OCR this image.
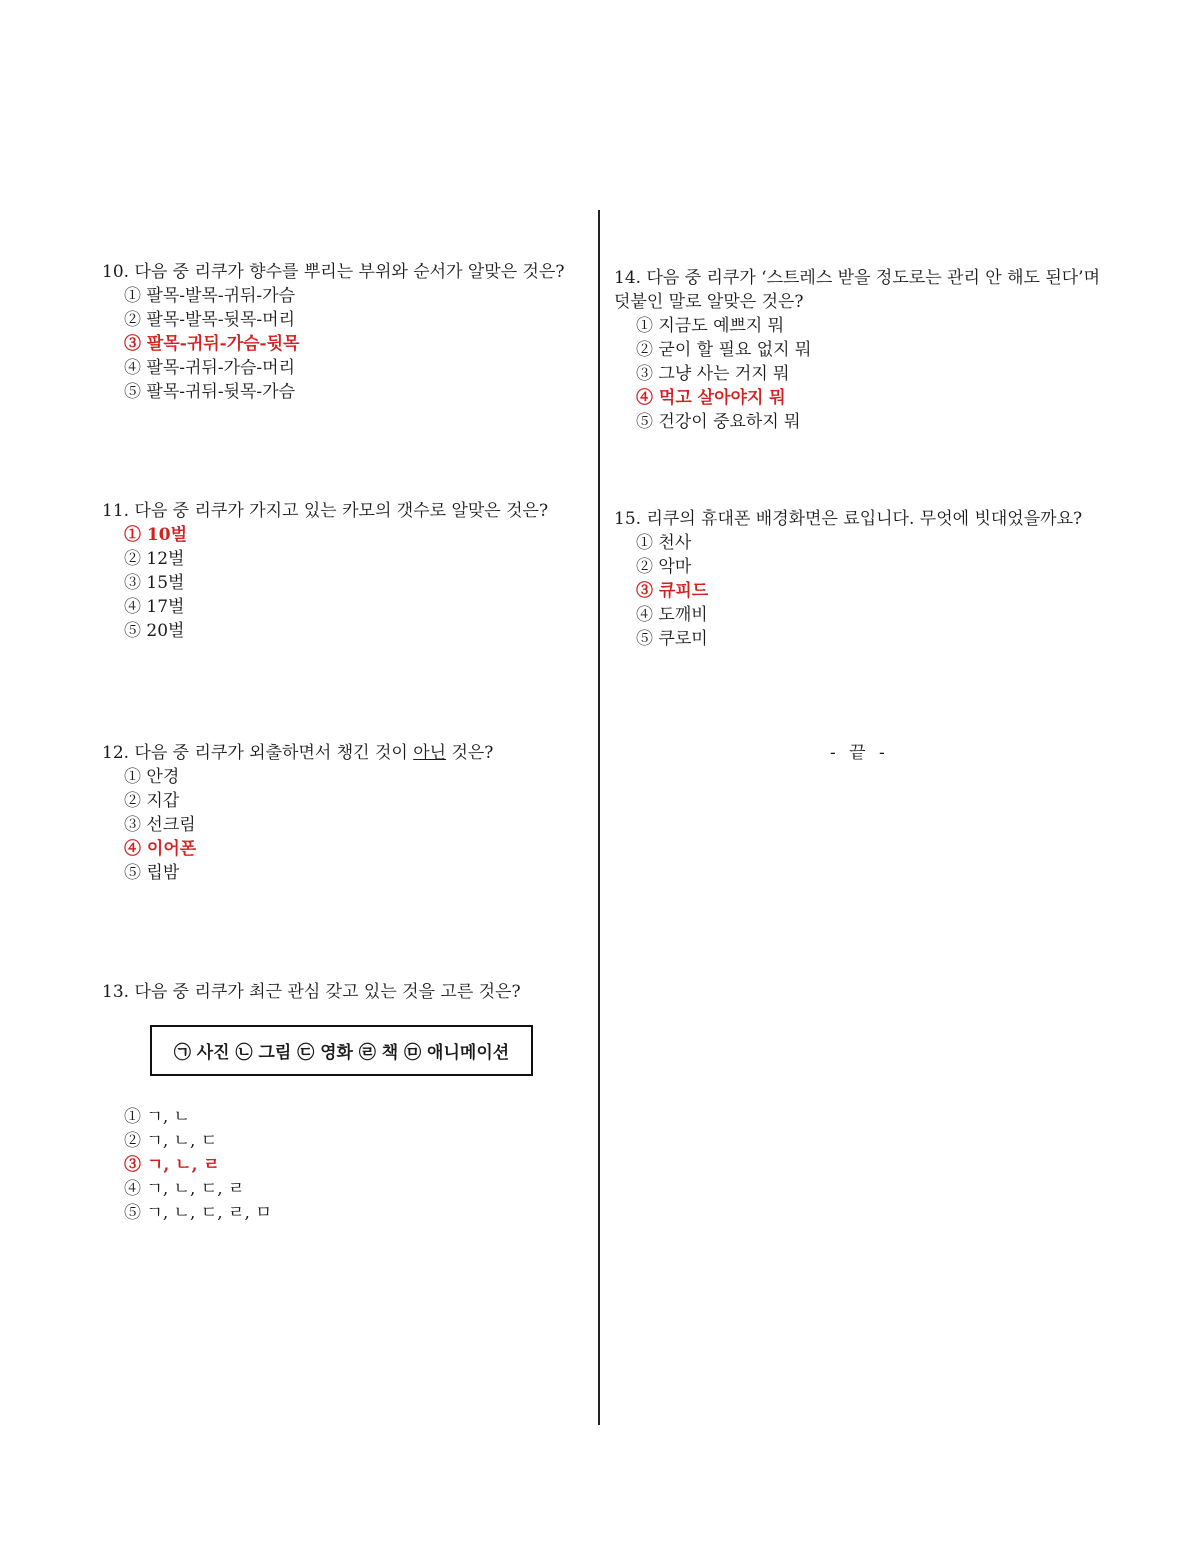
10. 다음 중 리쿠가 향수를 뿌리는 부위와 순서가 알맞은 것은?

① 팔목-발목-귀뒤-가슴
② 팔목-발목-뒷목-머리
③ 팔목-귀뒤-가슴-뒷목
④ 팔목-귀뒤-가슴-머리
⑤ 팔목-귀뒤-뒷목-가슴

11. 다음 중 리쿠가 가지고 있는 카모의 갯수로 알맞은 것은?

① 10벌
② 12벌
③ 15벌
④ 17벌
⑤ 20벌

12. 다음 중 리쿠가 외출하면서 챙긴 것이 아닌 것은?

① 안경
② 지갑
③ 선크림
④ 이어폰
⑤ 립밤

13. 다음 중 리쿠가 최근 관심 갖고 있는 것을 고른 것은?

㉠ 사진 ㉡ 그림 ㉢ 영화 ㉣ 책 ㉤ 애니메이션
① ㄱ, ㄴ
② ㄱ, ㄴ, ㄷ
③ ㄱ, ㄴ, ㄹ
④ ㄱ, ㄴ, ㄷ, ㄹ
⑤ ㄱ, ㄴ, ㄷ, ㄹ, ㅁ

14. 다음 중 리쿠가 ‘스트레스 받을 정도로는 관리 안 해도 된다’며 덧붙인 말로 알맞은 것은?

① 지금도 예쁘지 뭐
② 굳이 할 필요 없지 뭐
③ 그냥 사는 거지 뭐
④ 먹고 살아야지 뭐
⑤ 건강이 중요하지 뭐

15. 리쿠의 휴대폰 배경화면은 료입니다. 무엇에 빗대었을까요?

① 천사
② 악마
③ 큐피드
④ 도깨비
⑤ 쿠로미
- 끝 -
